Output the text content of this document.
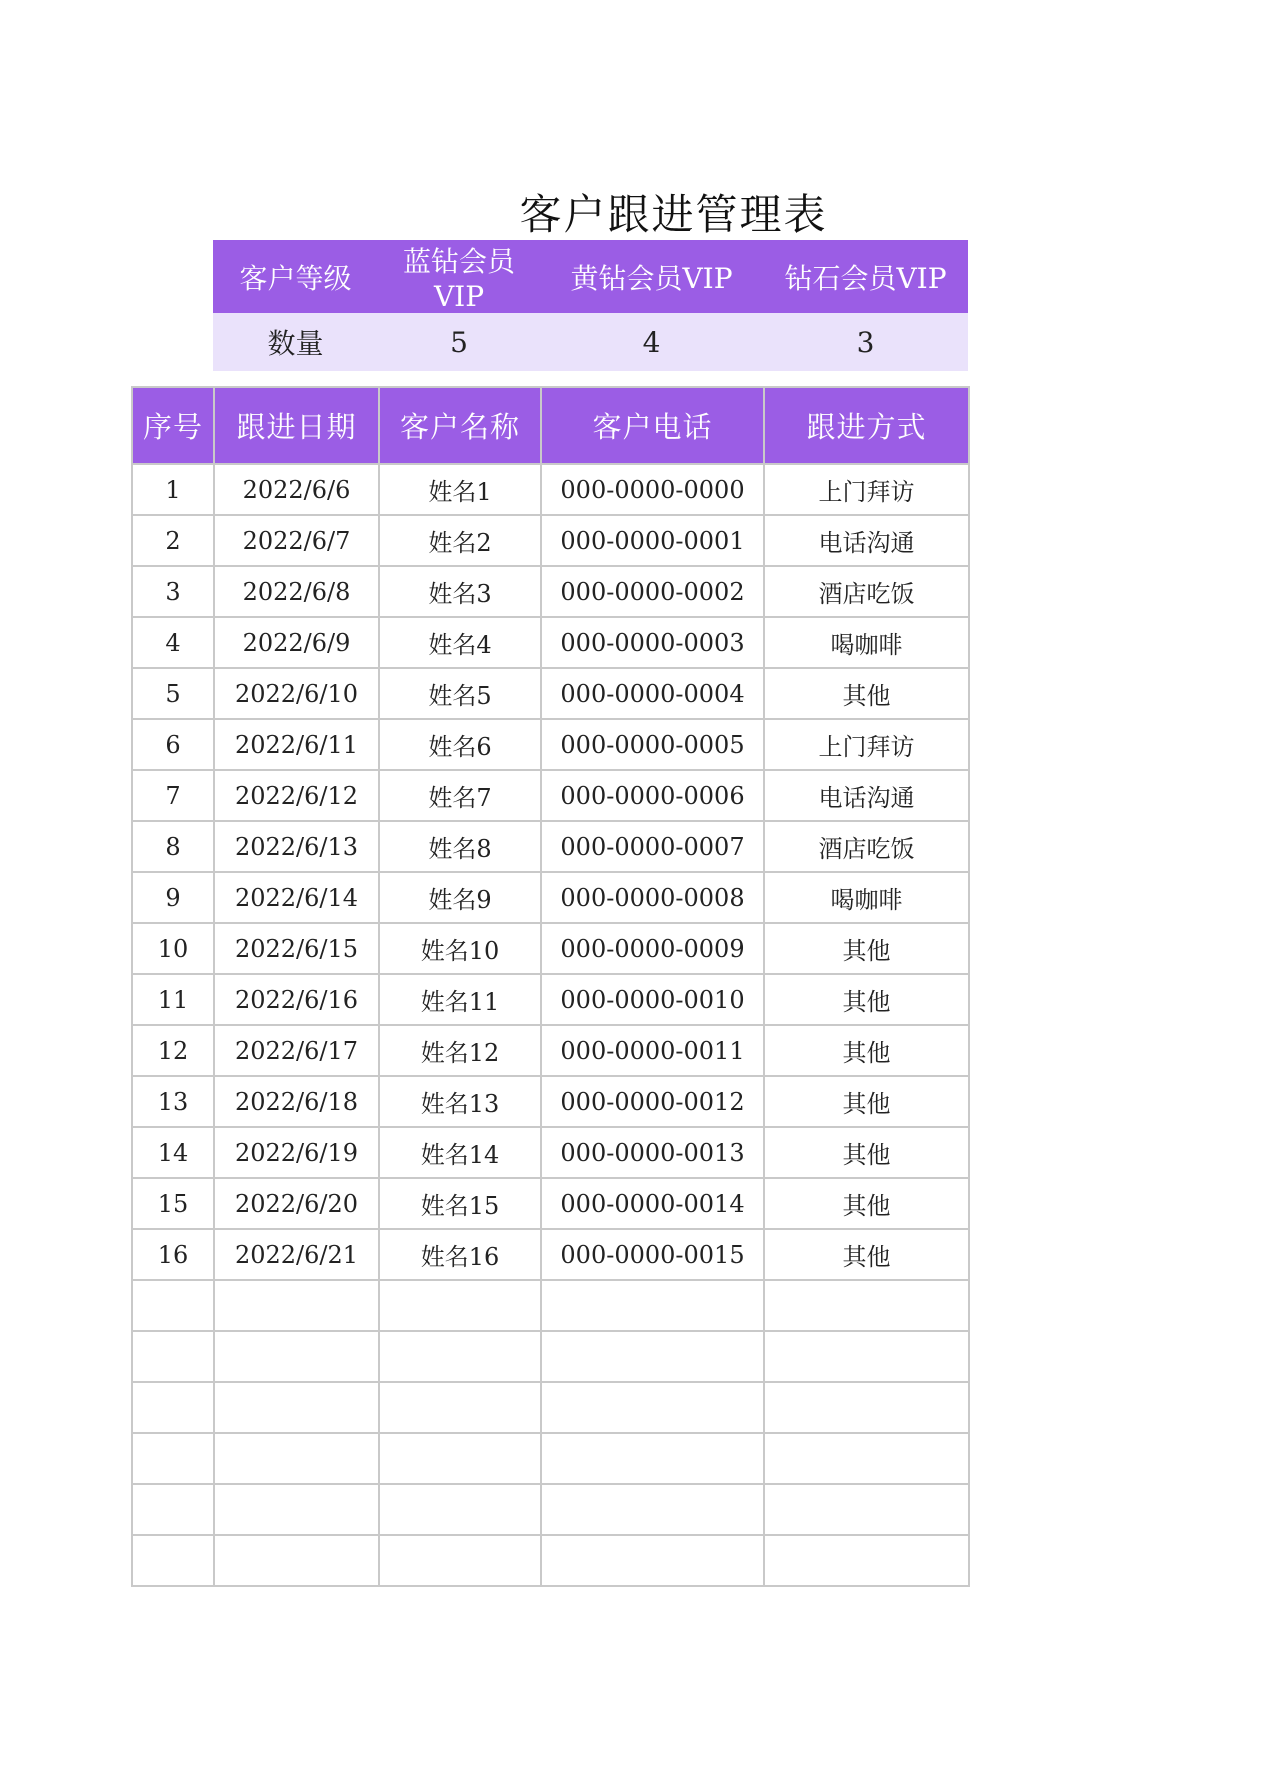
客户跟进管理表
客户等级	蓝钻会员VIP	黄钻会员VIP	钻石会员VIP
数量	5	4	3
序号	跟进日期	客户名称	客户电话	跟进方式
1	2022/6/6	姓名1	000-0000-0000	上门拜访
2	2022/6/7	姓名2	000-0000-0001	电话沟通
3	2022/6/8	姓名3	000-0000-0002	酒店吃饭
4	2022/6/9	姓名4	000-0000-0003	喝咖啡
5	2022/6/10	姓名5	000-0000-0004	其他
6	2022/6/11	姓名6	000-0000-0005	上门拜访
7	2022/6/12	姓名7	000-0000-0006	电话沟通
8	2022/6/13	姓名8	000-0000-0007	酒店吃饭
9	2022/6/14	姓名9	000-0000-0008	喝咖啡
10	2022/6/15	姓名10	000-0000-0009	其他
11	2022/6/16	姓名11	000-0000-0010	其他
12	2022/6/17	姓名12	000-0000-0011	其他
13	2022/6/18	姓名13	000-0000-0012	其他
14	2022/6/19	姓名14	000-0000-0013	其他
15	2022/6/20	姓名15	000-0000-0014	其他
16	2022/6/21	姓名16	000-0000-0015	其他
